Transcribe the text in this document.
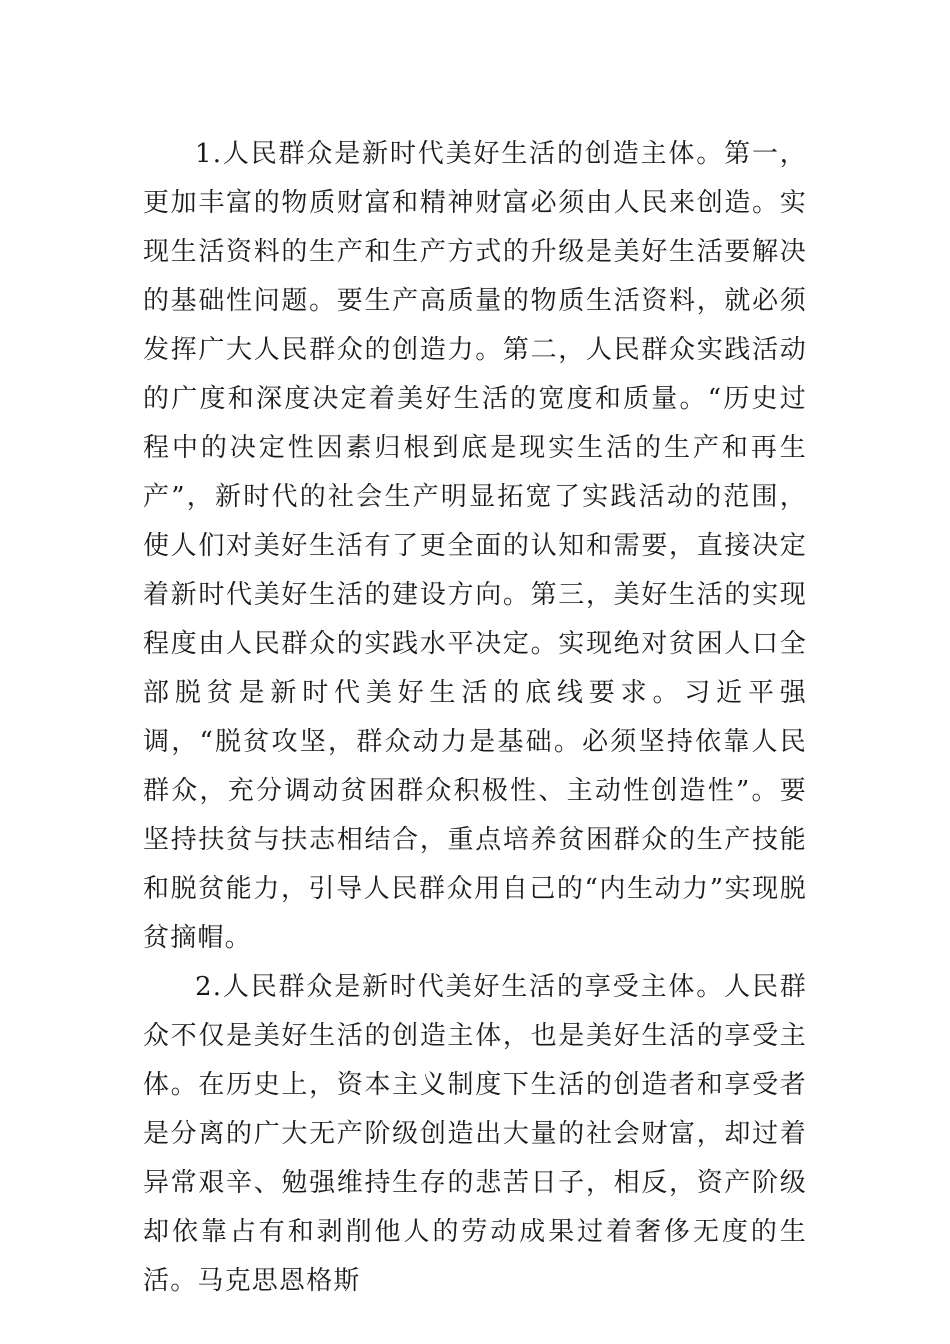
1.人民群众是新时代美好生活的创造主体。第一，更加丰富的物质财富和精神财富必须由人民来创造。实现生活资料的生产和生产方式的升级是美好生活要解决的基础性问题。要生产高质量的物质生活资料，就必须发挥广大人民群众的创造力。第二，人民群众实践活动的广度和深度决定着美好生活的宽度和质量。“历史过程中的决定性因素归根到底是现实生活的生产和再生产”，新时代的社会生产明显拓宽了实践活动的范围，使人们对美好生活有了更全面的认知和需要，直接决定着新时代美好生活的建设方向。第三，美好生活的实现程度由人民群众的实践水平决定。实现绝对贫困人口全部脱贫是新时代美好生活的底线要求。习近平强调，“脱贫攻坚，群众动力是基础。必须坚持依靠人民群众，充分调动贫困群众积极性、主动性创造性”。要坚持扶贫与扶志相结合，重点培养贫困群众的生产技能和脱贫能力，引导人民群众用自己的“内生动力”实现脱贫摘帽。

2.人民群众是新时代美好生活的享受主体。人民群众不仅是美好生活的创造主体，也是美好生活的享受主体。在历史上，资本主义制度下生活的创造者和享受者是分离的广大无产阶级创造出大量的社会财富，却过着异常艰辛、勉强维持生存的悲苦日子，相反，资产阶级却依靠占有和剥削他人的劳动成果过着奢侈无度的生活。马克思恩格斯
